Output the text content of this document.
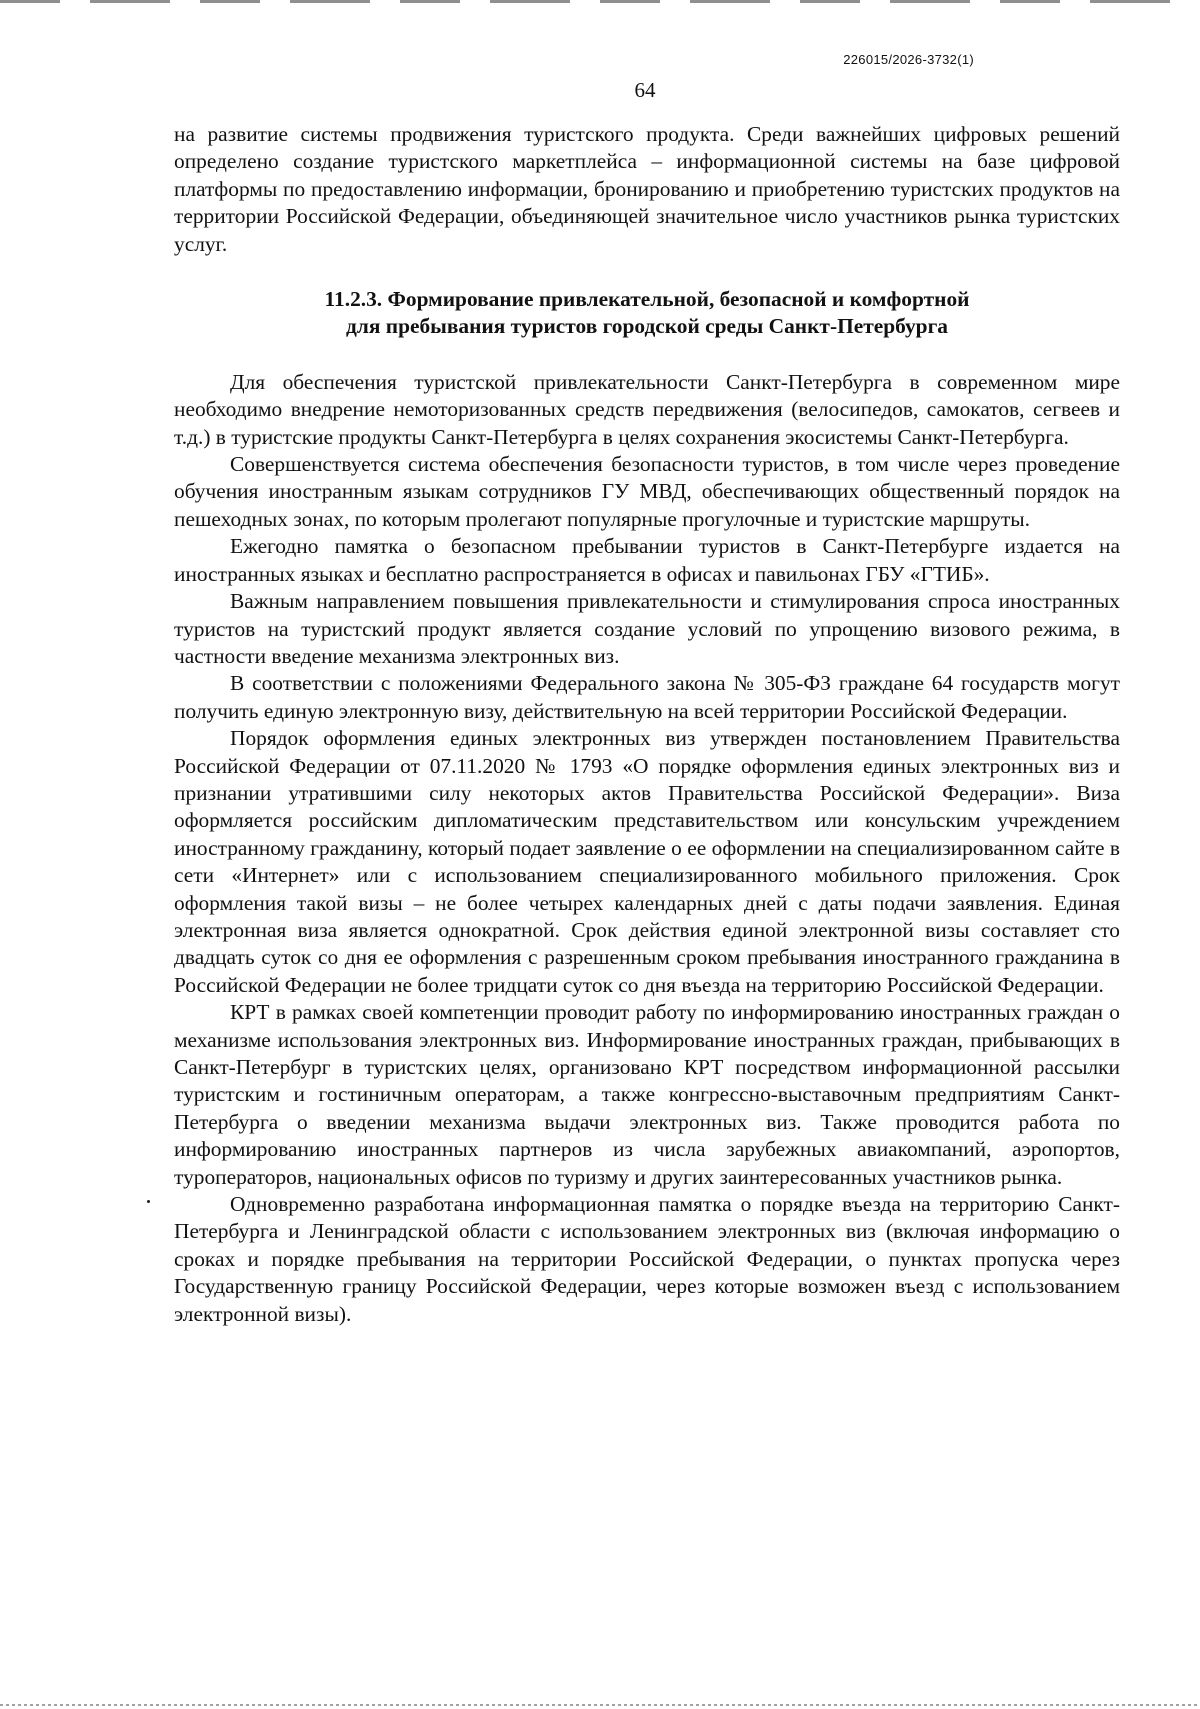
226015/2026-3732(1)
64

на развитие системы продвижения туристского продукта. Среди важнейших цифровых решений определено создание туристского маркетплейса – информационной системы на базе цифровой платформы по предоставлению информации, бронированию и приобретению туристских продуктов на территории Российской Федерации, объединяющей значительное число участников рынка туристских услуг.

11.2.3. Формирование привлекательной, безопасной и комфортной
для пребывания туристов городской среды Санкт-Петербурга

Для обеспечения туристской привлекательности Санкт-Петербурга в современном мире необходимо внедрение немоторизованных средств передвижения (велосипедов, самокатов, сегвеев и т.д.) в туристские продукты Санкт-Петербурга в целях сохранения экосистемы Санкт-Петербурга.

Совершенствуется система обеспечения безопасности туристов, в том числе через проведение обучения иностранным языкам сотрудников ГУ МВД, обеспечивающих общественный порядок на пешеходных зонах, по которым пролегают популярные прогулочные и туристские маршруты.

Ежегодно памятка о безопасном пребывании туристов в Санкт-Петербурге издается на иностранных языках и бесплатно распространяется в офисах и павильонах ГБУ «ГТИБ».

Важным направлением повышения привлекательности и стимулирования спроса иностранных туристов на туристский продукт является создание условий по упрощению визового режима, в частности введение механизма электронных виз.

В соответствии с положениями Федерального закона № 305-ФЗ граждане 64 государств могут получить единую электронную визу, действительную на всей территории Российской Федерации.

Порядок оформления единых электронных виз утвержден постановлением Правительства Российской Федерации от 07.11.2020 № 1793 «О порядке оформления единых электронных виз и признании утратившими силу некоторых актов Правительства Российской Федерации». Виза оформляется российским дипломатическим представительством или консульским учреждением иностранному гражданину, который подает заявление о ее оформлении на специализированном сайте в сети «Интернет» или с использованием специализированного мобильного приложения. Срок оформления такой визы – не более четырех календарных дней с даты подачи заявления. Единая электронная виза является однократной. Срок действия единой электронной визы составляет сто двадцать суток со дня ее оформления с разрешенным сроком пребывания иностранного гражданина в Российской Федерации не более тридцати суток со дня въезда на территорию Российской Федерации.

КРТ в рамках своей компетенции проводит работу по информированию иностранных граждан о механизме использования электронных виз. Информирование иностранных граждан, прибывающих в Санкт-Петербург в туристских целях, организовано КРТ посредством информационной рассылки туристским и гостиничным операторам, а также конгрессно-выставочным предприятиям Санкт-Петербурга о введении механизма выдачи электронных виз. Также проводится работа по информированию иностранных партнеров из числа зарубежных авиакомпаний, аэропортов, туроператоров, национальных офисов по туризму и других заинтересованных участников рынка.

Одновременно разработана информационная памятка о порядке въезда на территорию Санкт-Петербурга и Ленинградской области с использованием электронных виз (включая информацию о сроках и порядке пребывания на территории Российской Федерации, о пунктах пропуска через Государственную границу Российской Федерации, через которые возможен въезд с использованием электронной визы).
